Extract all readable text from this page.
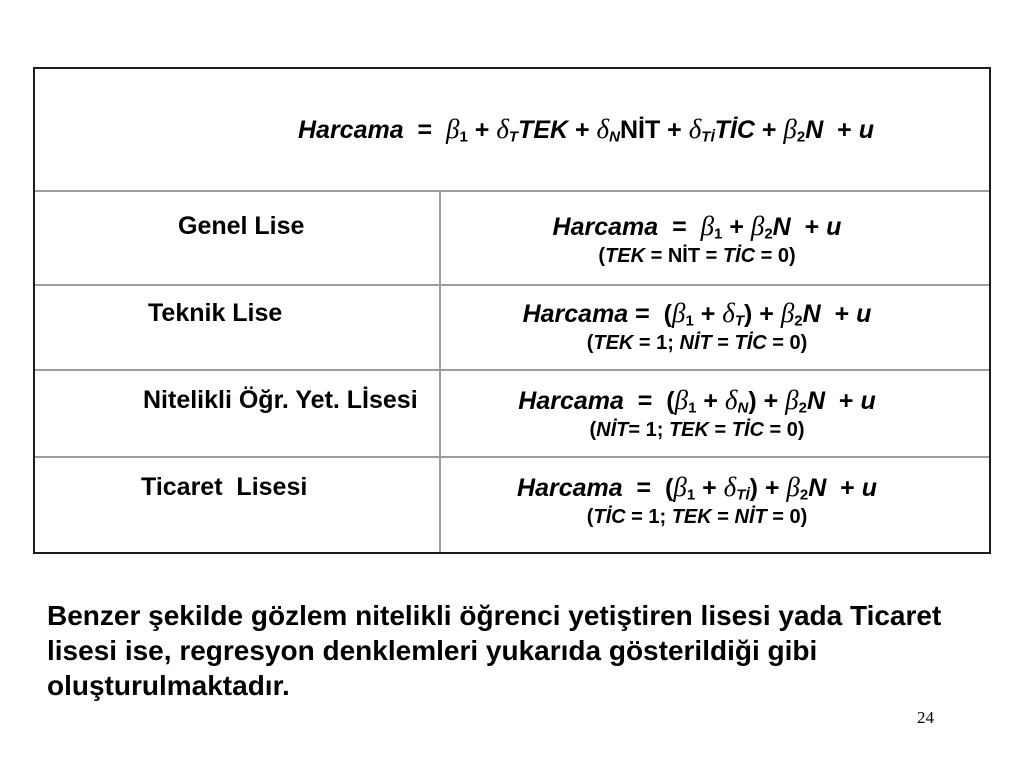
Harcama  =  $\beta_1 + \delta_TTEK$ + $\delta_NNİT$ + $\delta_{Tİ}TİC + \beta_2N + u$
Genel Lise	Harcama  =  $\beta_1 + \beta_2N + u$
(TEK = NİT = TİC = 0)
Teknik Lise	Harcama =  $(\beta_1 + \delta_T) + \beta_2N + u$
(TEK = 1; NİT = TİC = 0)
Nitelikli Öğr. Yet. Lİsesi	Harcama  =  $(\beta_1 + \delta_N) + \beta_2N + u$
(NİT= 1; TEK = TİC = 0)
Ticaret  Lisesi	Harcama  =  $(\beta_1 + \delta_{Tİ}) + \beta_2N + u$
(TİC = 1; TEK = NİT = 0)
Benzer şekilde gözlem nitelikli öğrenci yetiştiren lisesi yada Ticaret
lisesi ise, regresyon denklemleri yukarıda gösterildiği gibi
oluşturulmaktadır.
24
